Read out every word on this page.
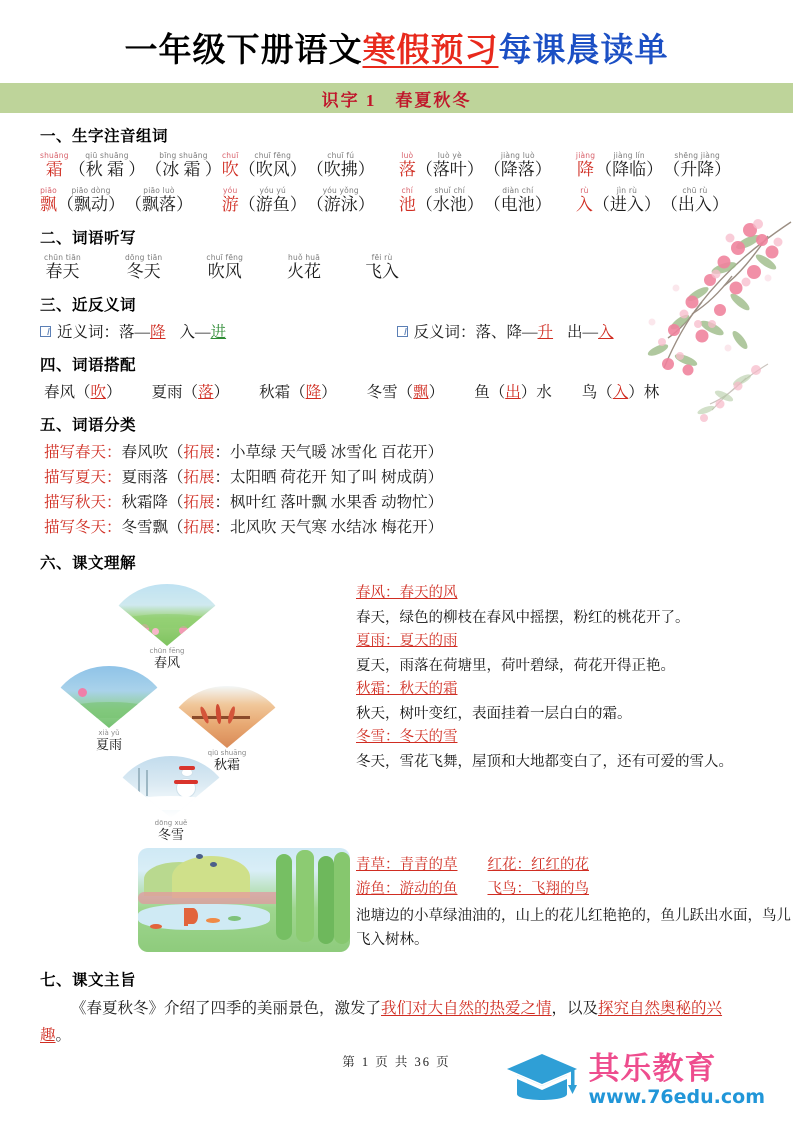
一年级下册语文寒假预习每课晨读单
识字 1　春夏秋冬
一、生字注音组词
shuāng
霜
qiū shuāng
（秋 霜 ）
bīng shuāng
（冰 霜 ）
chuī
吹
chuī fēng
（吹风）
chuī fú
（吹拂）
luò
落
luò yè
（落叶）
jiàng luò
（降落）
jiàng
降
jiàng lín
（降临）
shēng jiàng
（升降）
piāo
飘
piāo dòng
（飘动）
piāo luò
（飘落）
yóu
游
yóu yú
（游鱼）
yóu yǒng
（游泳）
chí
池
shuǐ chí
（水池）
diàn chí
（电池）
rù
入
jìn rù
（进入）
chū rù
（出入）
二、词语听写
chūn tiān
春天
dōng tiān
冬天
chuī fēng
吹风
huǒ huā
火花
fēi rù
飞入
三、近反义词
近义词： 落—降 入—进	反义词： 落、降—升 出—入
四、词语搭配
春风（吹） 夏雨（落） 秋霜（降） 冬雪（飘） 鱼（出）水 鸟（入）林
五、词语分类
描写春天：春风吹（拓展：小草绿 天气暖 冰雪化 百花开）
描写夏天：夏雨落（拓展：太阳晒 荷花开 知了叫 树成荫）
描写秋天：秋霜降（拓展：枫叶红 落叶飘 水果香 动物忙）
描写冬天：冬雪飘（拓展：北风吹 天气寒 水结冰 梅花开）
六、课文理解
chūn fēng
春风
xià yǔ
夏雨
qiū shuāng
秋霜
dōng xuě
冬雪
春风：春天的风
春天，绿色的柳枝在春风中摇摆，粉红的桃花开了。
夏雨：夏天的雨
夏天，雨落在荷塘里，荷叶碧绿，荷花开得正艳。
秋霜：秋天的霜
秋天，树叶变红，表面挂着一层白白的霜。
冬雪：冬天的雪
冬天，雪花飞舞，屋顶和大地都变白了，还有可爱的雪人。
青草：青青的草 红花：红红的花
游鱼：游动的鱼 飞鸟：飞翔的鸟
池塘边的小草绿油油的，山上的花儿红艳艳的，鱼儿跃出水面，鸟儿飞入树林。
七、课文主旨
《春夏秋冬》介绍了四季的美丽景色，激发了我们对大自然的热爱之情，以及探究自然奥秘的兴趣。
第 1 页 共 36 页	其乐教育
www.76edu.com
